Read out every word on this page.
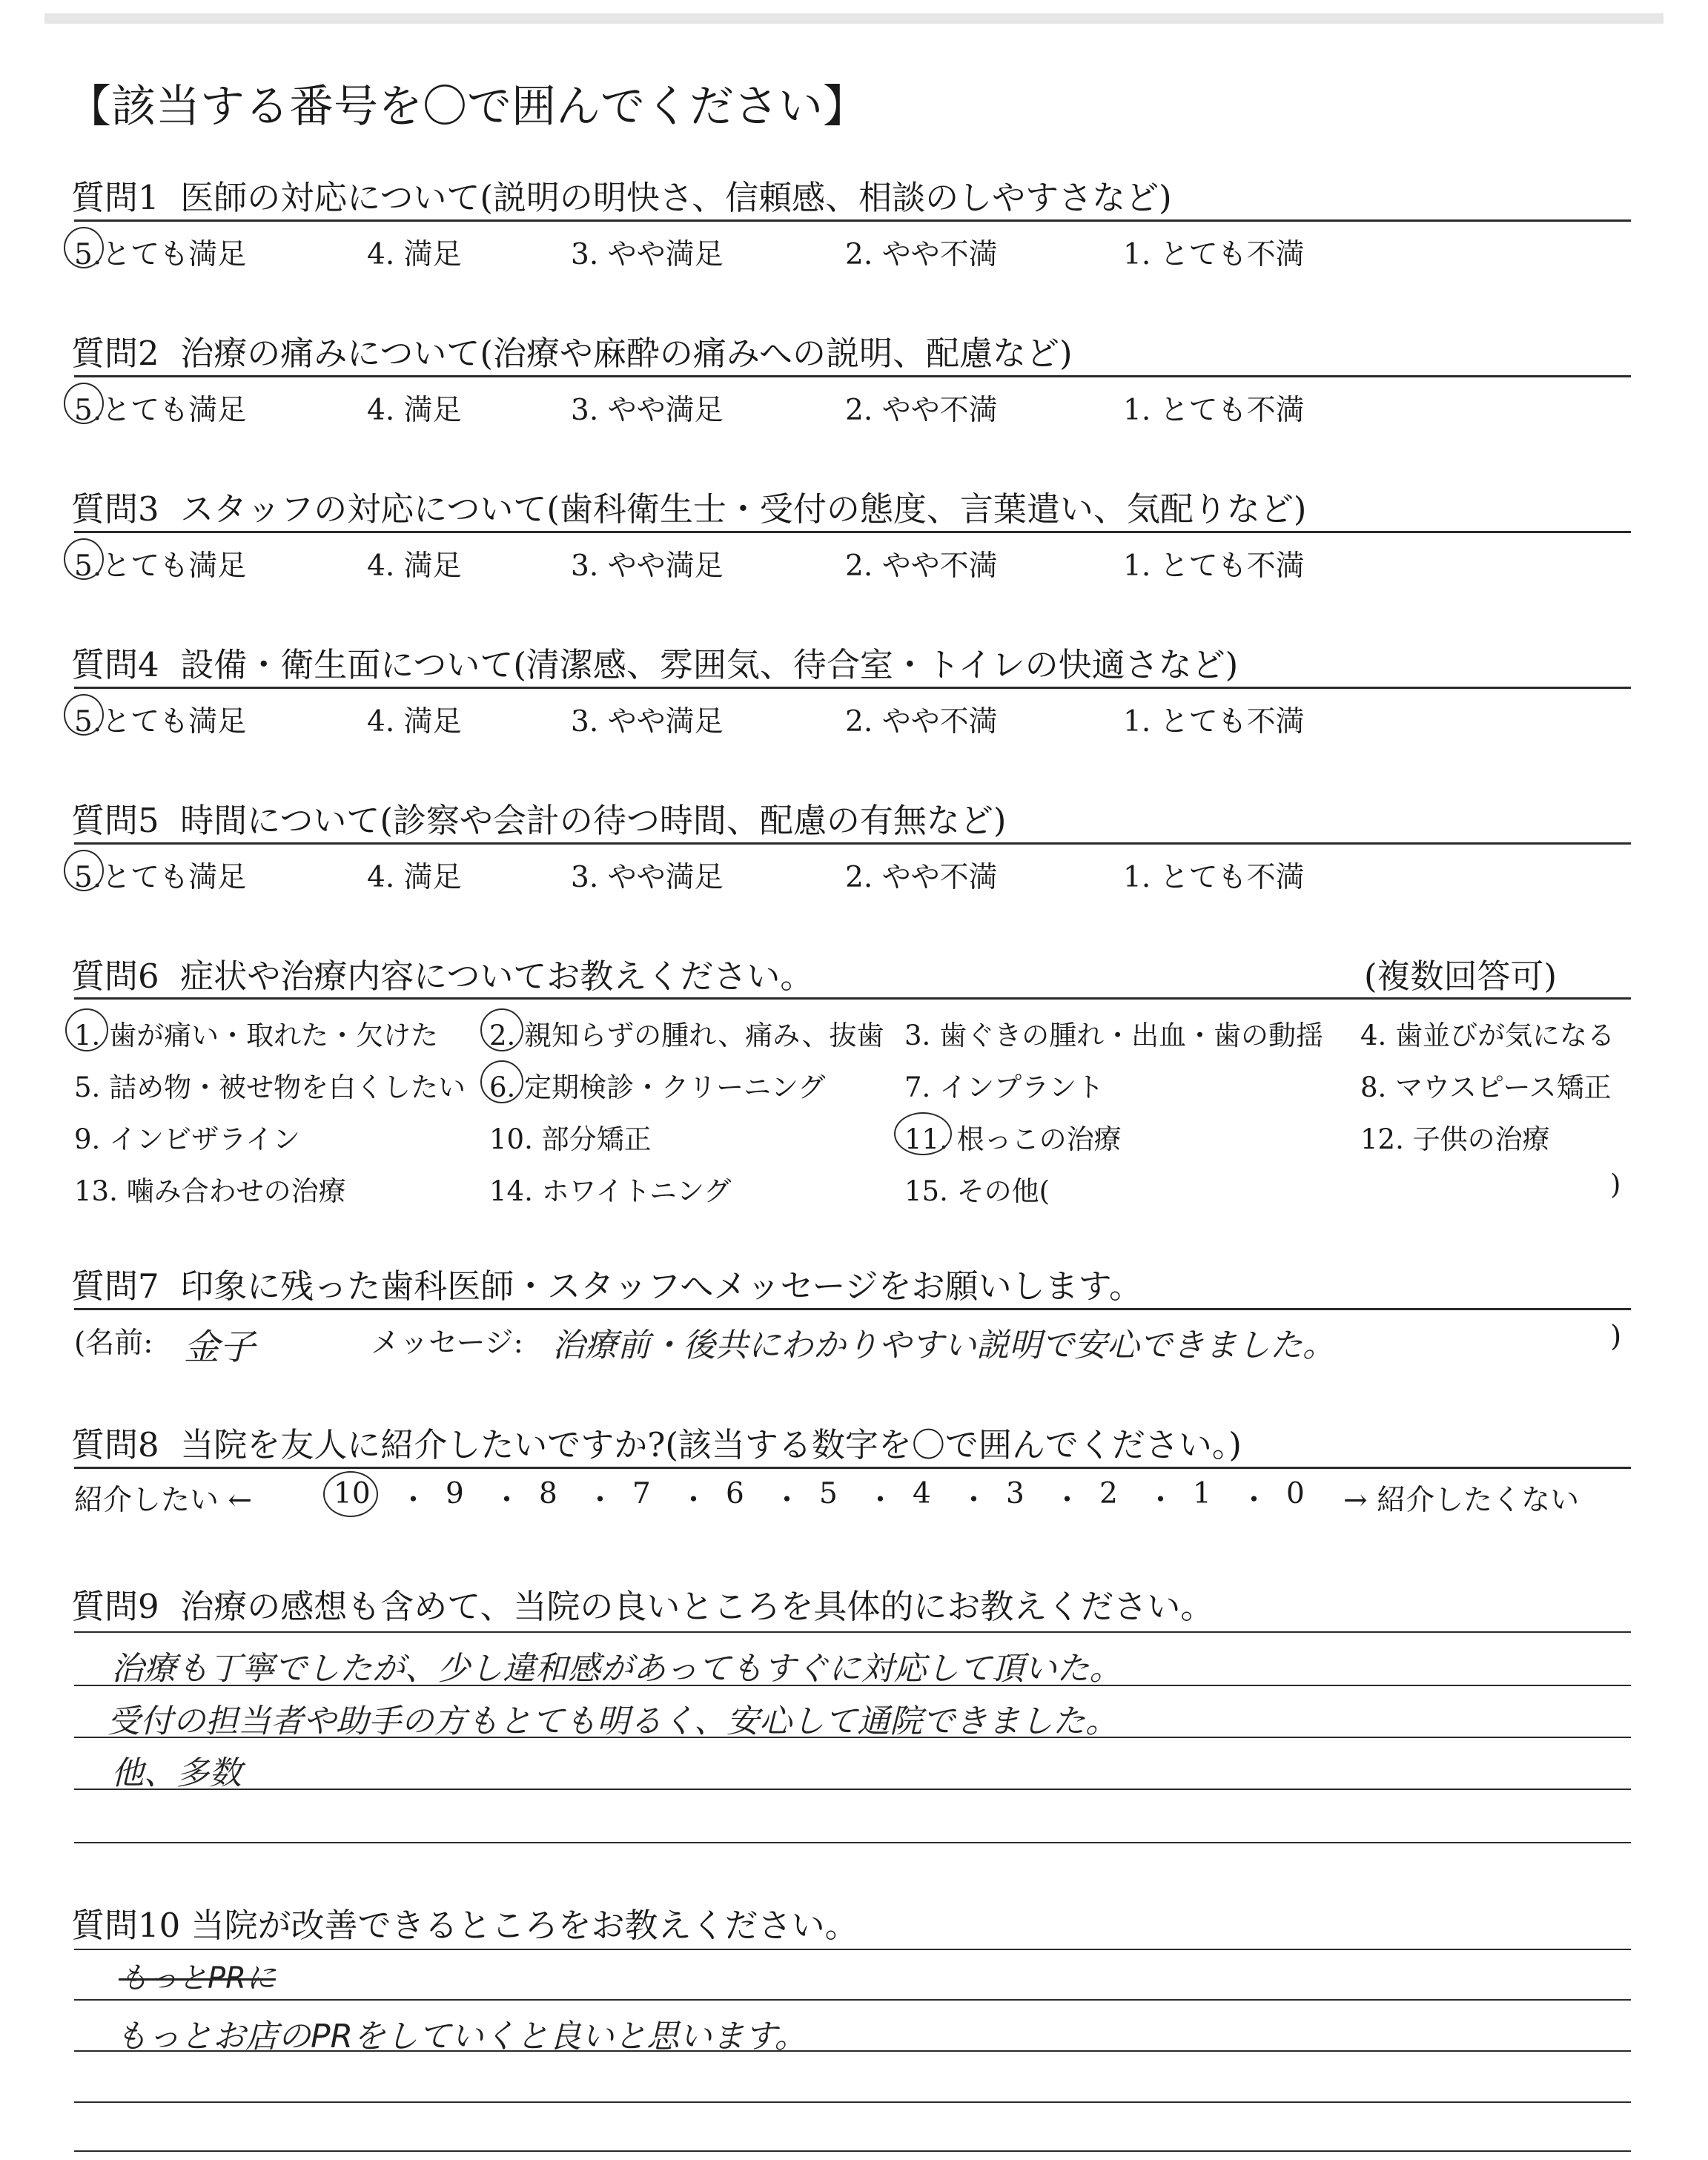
【該当する番号を〇で囲んでください】
質問6 症状や治療内容についてお教えください。	(複数回答可)
質問7 印象に残った歯科医師・スタッフへメッセージをお願いします。
(名前: 金子	メッセージ: 治療前・後共にわかりやすい説明で安心できました。	)
質問8 当院を友人に紹介したいですか?(該当する数字を〇で囲んでください。)
紹介したい ←	→ 紹介したくない
質問9 治療の感想も含めて、当院の良いところを具体的にお教えください。
治療も丁寧でしたが、少し違和感があってもすぐに対応して頂いた。
受付の担当者や助手の方もとても明るく、安心して通院できました。
他、多数
質問10 当院が改善できるところをお教えください。
もっとPRに
もっとお店のPRをしていくと良いと思います。
質問1 医師の対応について(説明の明快さ、信頼感、相談のしやすさなど)
5.とても満足	4. 満足	3. やや満足	2. やや不満	1. とても不満
質問2 治療の痛みについて(治療や麻酔の痛みへの説明、配慮など)
5.とても満足	4. 満足	3. やや満足	2. やや不満	1. とても不満
質問3 スタッフの対応について(歯科衛生士・受付の態度、言葉遣い、気配りなど)
5.とても満足	4. 満足	3. やや満足	2. やや不満	1. とても不満
質問4 設備・衛生面について(清潔感、雰囲気、待合室・トイレの快適さなど)
5.とても満足	4. 満足	3. やや満足	2. やや不満	1. とても不満
質問5 時間について(診察や会計の待つ時間、配慮の有無など)
5.とても満足	4. 満足	3. やや満足	2. やや不満	1. とても不満
1. 歯が痛い・取れた・欠けた 2. 親知らずの腫れ、痛み、抜歯 3. 歯ぐきの腫れ・出血・歯の動揺 4. 歯並びが気になる
5. 詰め物・被せ物を白くしたい 6. 定期検診・クリーニング	7. インプラント	8. マウスピース矯正
9. インビザライン	10. 部分矯正	11. 根っこの治療	12. 子供の治療
13. 噛み合わせの治療	14. ホワイトニング	15. その他(	)
10 ・ 9 ・ 8 ・ 7 ・ 6 ・ 5 ・ 4 ・ 3 ・ 2 ・ 1 ・ 0
